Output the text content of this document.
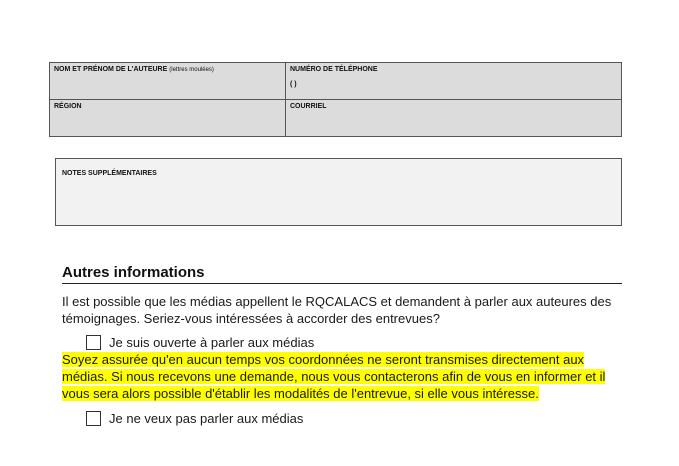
NOM ET PRÉNOM DE L'AUTEURE (lettres moulées)	NUMÉRO DE TÉLÉPHONE
( )
RÉGION	COURRIEL
NOTES SUPPLÉMENTAIRES
Autres informations
Il est possible que les médias appellent le RQCALACS et demandent à parler aux auteures des témoignages. Seriez-vous intéressées à accorder des entrevues?
Je suis ouverte à parler aux médias
Soyez assurée qu'en aucun temps vos coordonnées ne seront transmises directement aux médias. Si nous recevons une demande, nous vous contacterons afin de vous en informer et il vous sera alors possible d'établir les modalités de l'entrevue, si elle vous intéresse.
Je ne veux pas parler aux médias
